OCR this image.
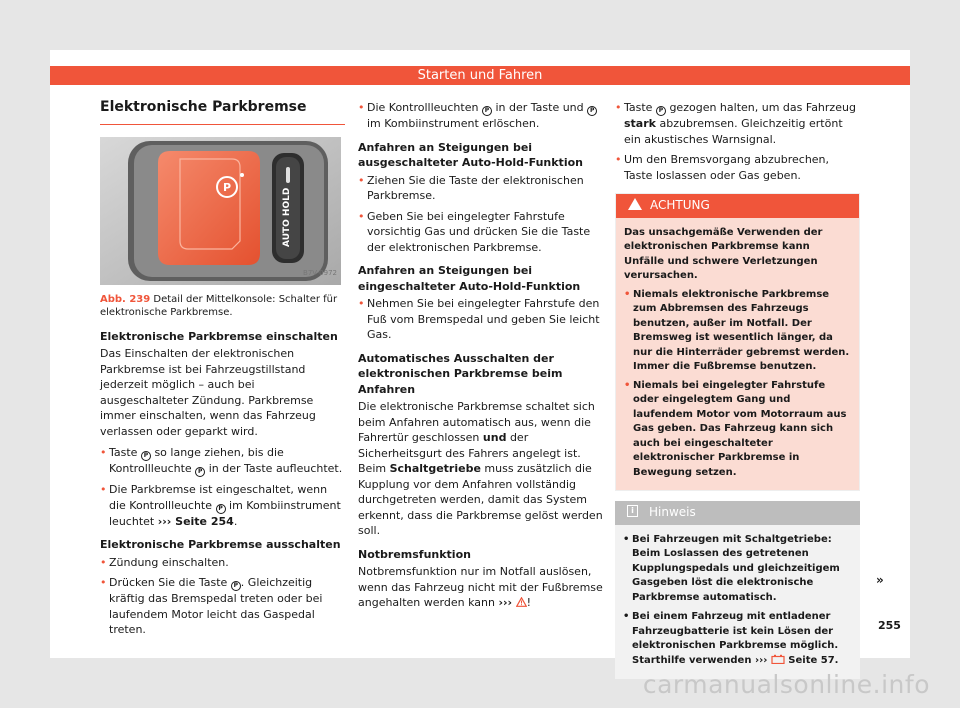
Starten und Fahren
Elektronische Parkbremse
P
AUTO HOLD
B7V-0972
Abb. 239 Detail der Mittelkonsole: Schalter für elektronische Parkbremse.
Elektronische Parkbremse einschalten

Das Einschalten der elektronischen Parkbremse ist bei Fahrzeugstillstand jederzeit möglich – auch bei ausgeschalteter Zündung. Parkbremse immer einschalten, wenn das Fahrzeug verlassen oder geparkt wird.

• Taste P so lange ziehen, bis die Kontrollleuchte P in der Taste aufleuchtet.
• Die Parkbremse ist eingeschaltet, wenn die Kontrollleuchte P im Kombiinstrument leuchtet ››› Seite 254.
Elektronische Parkbremse ausschalten
• Zündung einschalten.
• Drücken Sie die Taste P . Gleichzeitig kräftig das Bremspedal treten oder bei laufendem Motor leicht das Gaspedal treten.
• Die Kontrollleuchten P in der Taste und P im Kombiinstrument erlöschen.
Anfahren an Steigungen bei ausgeschalteter Auto-Hold-Funktion
• Ziehen Sie die Taste der elektronischen Parkbremse.
• Geben Sie bei eingelegter Fahrstufe vorsichtig Gas und drücken Sie die Taste der elektronischen Parkbremse.
Anfahren an Steigungen bei eingeschalteter Auto-Hold-Funktion
• Nehmen Sie bei eingelegter Fahrstufe den Fuß vom Bremspedal und geben Sie leicht Gas.
Automatisches Ausschalten der elektronischen Parkbremse beim Anfahren

Die elektronische Parkbremse schaltet sich beim Anfahren automatisch aus, wenn die Fahrertür geschlossen und der Sicherheitsgurt des Fahrers angelegt ist. Beim Schaltgetriebe muss zusätzlich die Kupplung vor dem Anfahren vollständig durchgetreten werden, damit das System erkennt, dass die Parkbremse gelöst werden soll.

Notbremsfunktion

Notbremsfunktion nur im Notfall auslösen, wenn das Fahrzeug nicht mit der Fußbremse angehalten werden kann ››› !

• Taste P gezogen halten, um das Fahrzeug stark abzubremsen. Gleichzeitig ertönt ein akustisches Warnsignal.
• Um den Bremsvorgang abzubrechen, Taste loslassen oder Gas geben.
ACHTUNG

Das unsachgemäße Verwenden der elektronischen Parkbremse kann Unfälle und schwere Verletzungen verursachen.

• Niemals elektronische Parkbremse zum Abbremsen des Fahrzeugs benutzen, außer im Notfall. Der Bremsweg ist wesentlich länger, da nur die Hinterräder gebremst werden. Immer die Fußbremse benutzen.
• Niemals bei eingelegter Fahrstufe oder eingelegtem Gang und laufendem Motor vom Motorraum aus Gas geben. Das Fahrzeug kann sich auch bei eingeschalteter elektronischer Parkbremse in Bewegung setzen.
i	Hinweis
• Bei Fahrzeugen mit Schaltgetriebe: Beim Loslassen des getretenen Kupplungspedals und gleichzeitigem Gasgeben löst die elektronische Parkbremse automatisch.
• Bei einem Fahrzeug mit entladener Fahrzeugbatterie ist kein Lösen der elektronischen Parkbremse möglich. Starthilfe verwenden ››› Seite 57.
»
255
carmanualsonline.info
